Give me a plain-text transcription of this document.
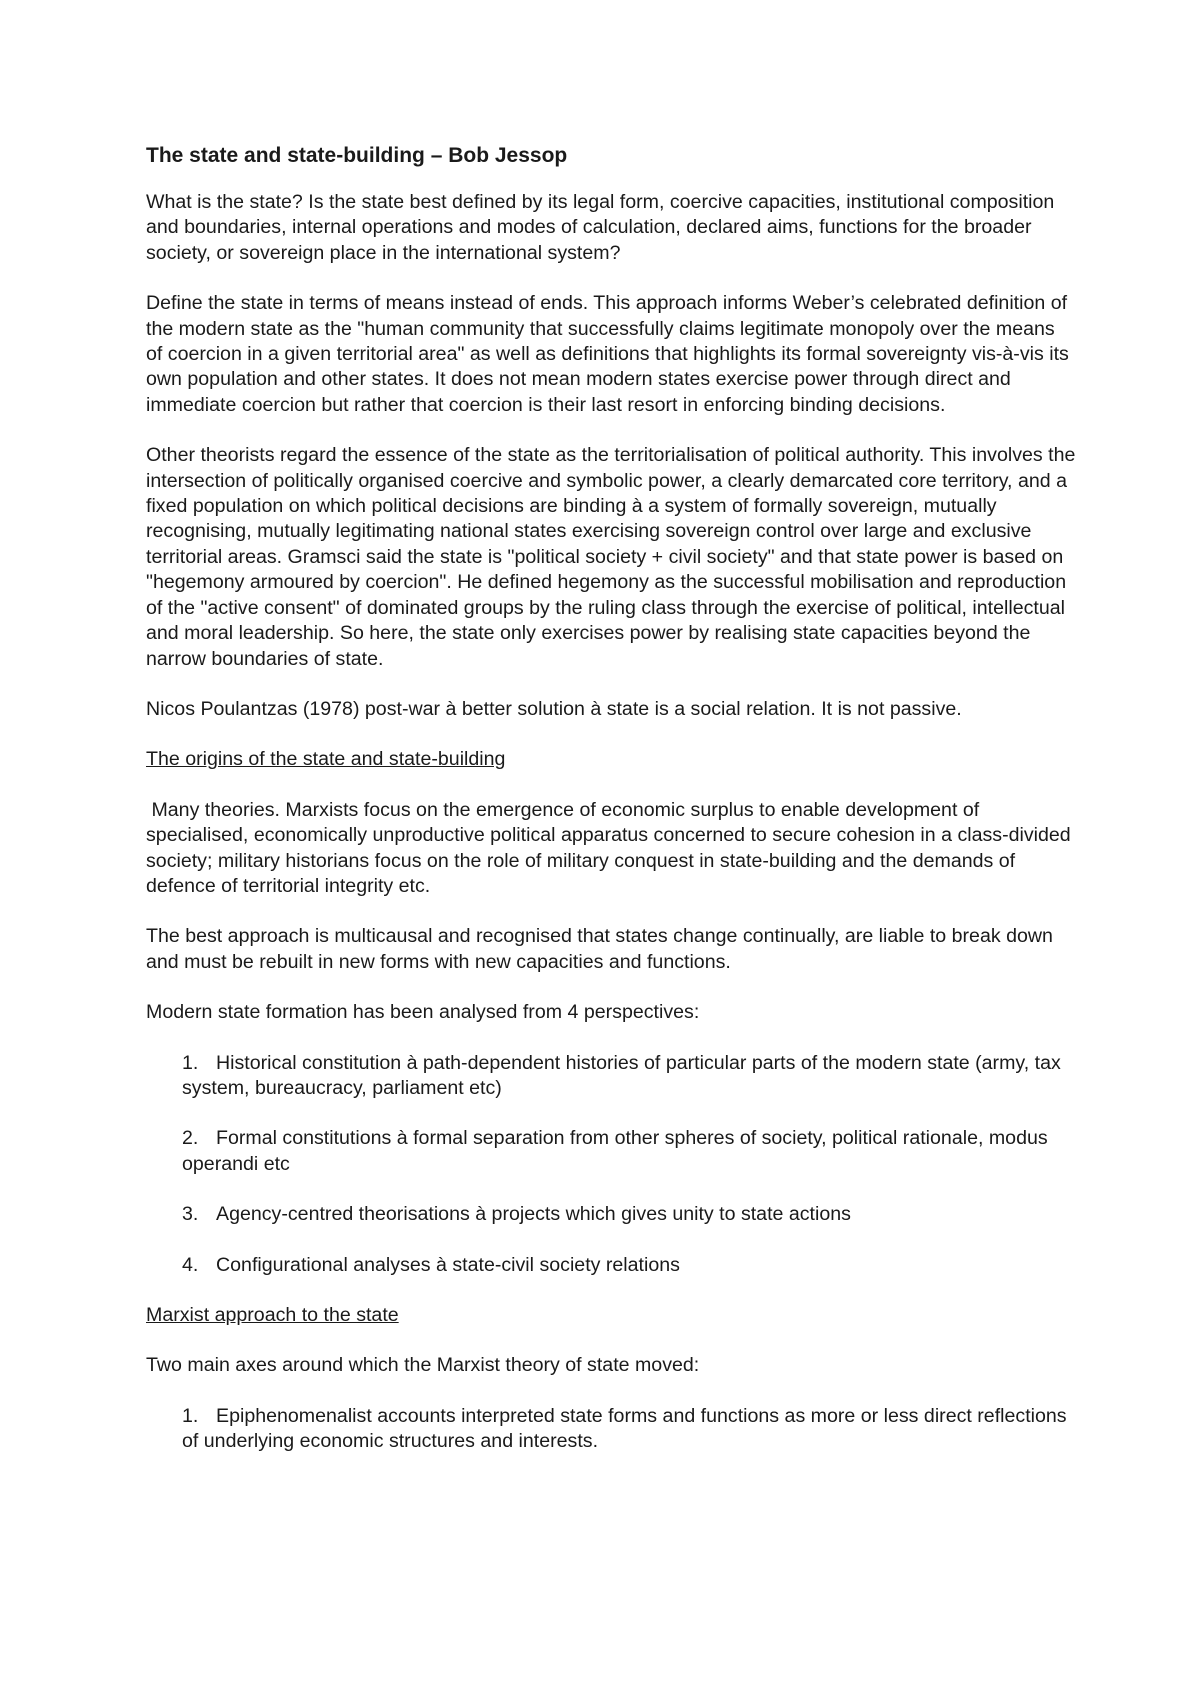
The state and state-building – Bob Jessop

What is the state? Is the state best defined by its legal form, coercive capacities, institutional composition and boundaries, internal operations and modes of calculation, declared aims, functions for the broader society, or sovereign place in the international system?

Define the state in terms of means instead of ends. This approach informs Weber’s celebrated definition of the modern state as the "human community that successfully claims legitimate monopoly over the means of coercion in a given territorial area" as well as definitions that highlights its formal sovereignty vis-à-vis its own population and other states. It does not mean modern states exercise power through direct and immediate coercion but rather that coercion is their last resort in enforcing binding decisions.

Other theorists regard the essence of the state as the territorialisation of political authority. This involves the intersection of politically organised coercive and symbolic power, a clearly demarcated core territory, and a fixed population on which political decisions are binding à a system of formally sovereign, mutually recognising, mutually legitimating national states exercising sovereign control over large and exclusive territorial areas. Gramsci said the state is "political society + civil society" and that state power is based on "hegemony armoured by coercion". He defined hegemony as the successful mobilisation and reproduction of the "active consent" of dominated groups by the ruling class through the exercise of political, intellectual and moral leadership. So here, the state only exercises power by realising state capacities beyond the narrow boundaries of state.

Nicos Poulantzas (1978) post-war à better solution à state is a social relation. It is not passive.

The origins of the state and state-building

Many theories. Marxists focus on the emergence of economic surplus to enable development of specialised, economically unproductive political apparatus concerned to secure cohesion in a class-divided society; military historians focus on the role of military conquest in state-building and the demands of defence of territorial integrity etc.

The best approach is multicausal and recognised that states change continually, are liable to break down and must be rebuilt in new forms with new capacities and functions.

Modern state formation has been analysed from 4 perspectives:

1. Historical constitution à path-dependent histories of particular parts of the modern state (army, tax system, bureaucracy, parliament etc)
2. Formal constitutions à formal separation from other spheres of society, political rationale, modus operandi etc
3. Agency-centred theorisations à projects which gives unity to state actions
4. Configurational analyses à state-civil society relations
Marxist approach to the state

Two main axes around which the Marxist theory of state moved:

1. Epiphenomenalist accounts interpreted state forms and functions as more or less direct reflections of underlying economic structures and interests.
